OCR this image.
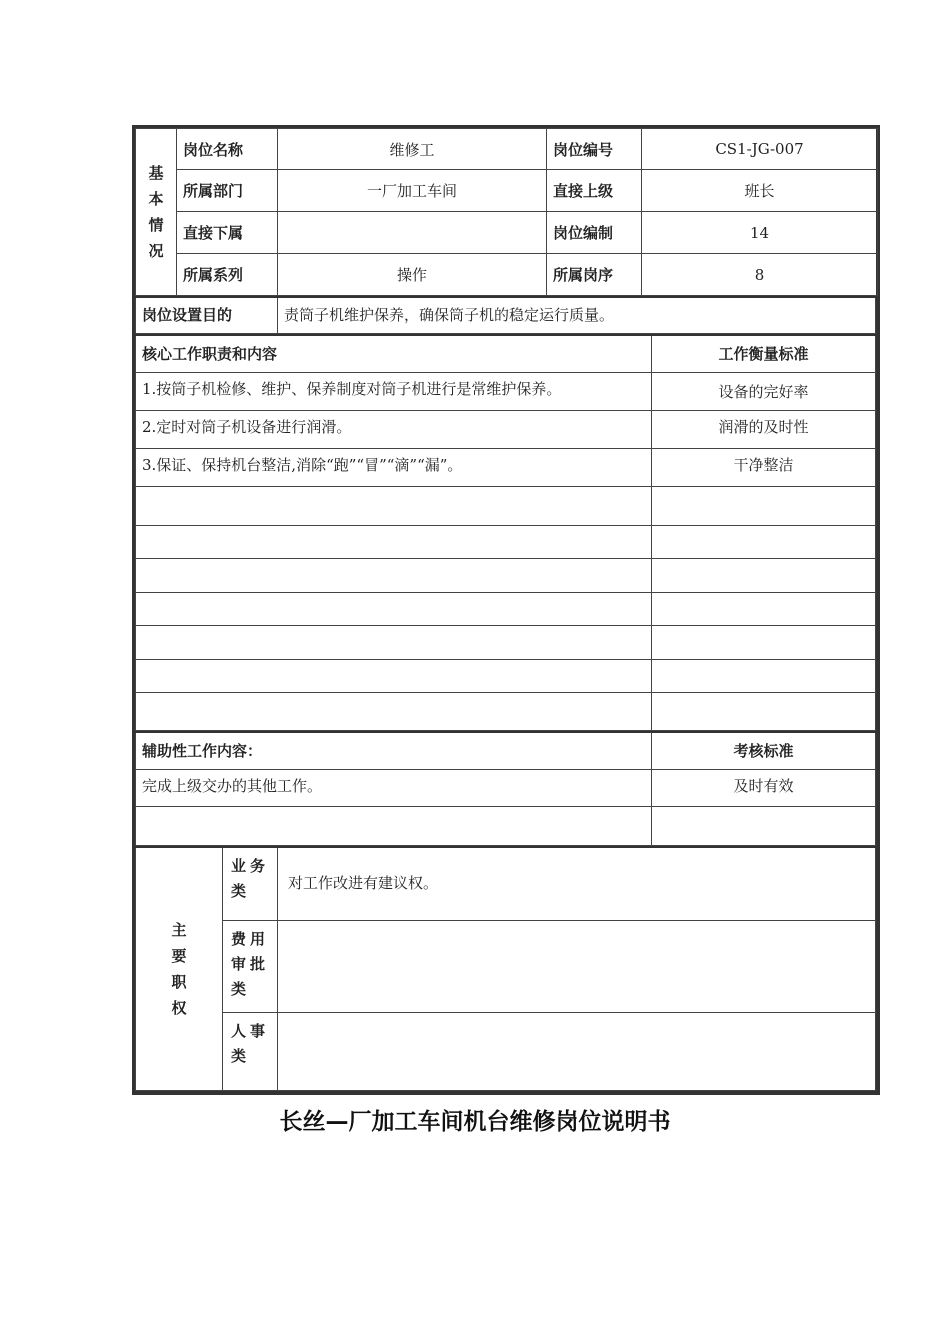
基本情况	岗位名称	维修工	岗位编号	CS1-JG-007
	所属部门	一厂加工车间	直接上级	班长
	直接下属		岗位编制	14
	所属系列	操作	所属岗序	8
岗位设置目的	责筒子机维护保养，确保筒子机的稳定运行质量。
核心工作职责和内容	工作衡量标准
1.按筒子机检修、维护、保养制度对筒子机进行是常维护保养。	设备的完好率
2.定时对筒子机设备进行润滑。	润滑的及时性
3.保证、保持机台整洁,消除“跑”“冒”“滴”“漏”。	干净整洁

辅助性工作内容：	考核标准
完成上级交办的其他工作。	及时有效

主要职权	业务类	对工作改进有建议权。
	费用审批类	
	人事类	
长丝—厂加工车间机台维修岗位说明书
